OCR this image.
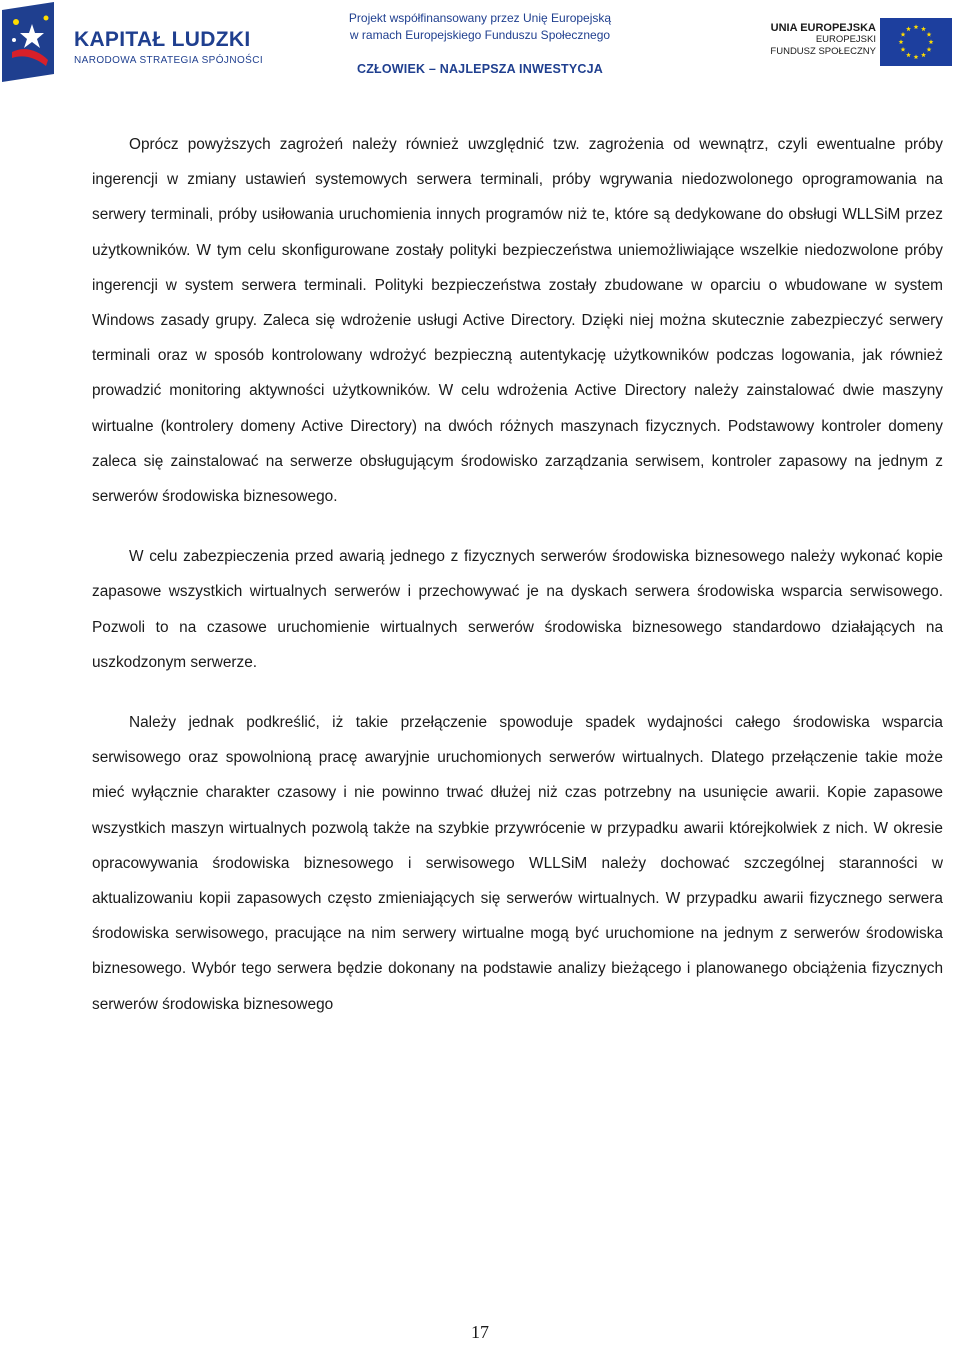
KAPITAŁ LUDZKI
NARODOWA STRATEGIA SPÓJNOŚCI
Projekt współfinansowany przez Unię Europejską
w ramach Europejskiego Funduszu Społecznego
CZŁOWIEK – NAJLEPSZA INWESTYCJA
UNIA EUROPEJSKA
EUROPEJSKI
FUNDUSZ SPOŁECZNY

Oprócz powyższych zagrożeń należy również uwzględnić tzw. zagrożenia od wewnątrz, czyli ewentualne próby ingerencji w zmiany ustawień systemowych serwera terminali, próby wgrywania niedozwolonego oprogramowania na serwery terminali, próby usiłowania uruchomienia innych programów niż te, które są dedykowane do obsługi WLLSiM przez użytkowników. W tym celu skonfigurowane zostały polityki bezpieczeństwa uniemożliwiające wszelkie niedozwolone próby ingerencji w system serwera terminali. Polityki bezpieczeństwa zostały zbudowane w oparciu o wbudowane w system Windows zasady grupy. Zaleca się wdrożenie usługi Active Directory. Dzięki niej można skutecznie zabezpieczyć serwery terminali oraz w sposób kontrolowany wdrożyć bezpieczną autentykację użytkowników podczas logowania, jak również prowadzić monitoring aktywności użytkowników. W celu wdrożenia Active Directory należy zainstalować dwie maszyny wirtualne (kontrolery domeny Active Directory) na dwóch różnych maszynach fizycznych. Podstawowy kontroler domeny zaleca się zainstalować na serwerze obsługującym środowisko zarządzania serwisem, kontroler zapasowy na jednym z serwerów środowiska biznesowego.

W celu zabezpieczenia przed awarią jednego z fizycznych serwerów środowiska biznesowego należy wykonać kopie zapasowe wszystkich wirtualnych serwerów i przechowywać je na dyskach serwera środowiska wsparcia serwisowego. Pozwoli to na czasowe uruchomienie wirtualnych serwerów środowiska biznesowego standardowo działających na uszkodzonym serwerze.

Należy jednak podkreślić, iż takie przełączenie spowoduje spadek wydajności całego środowiska wsparcia serwisowego oraz spowolnioną pracę awaryjnie uruchomionych serwerów wirtualnych. Dlatego przełączenie takie może mieć wyłącznie charakter czasowy i nie powinno trwać dłużej niż czas potrzebny na usunięcie awarii. Kopie zapasowe wszystkich maszyn wirtualnych pozwolą także na szybkie przywrócenie w przypadku awarii którejkolwiek z nich. W okresie opracowywania środowiska biznesowego i serwisowego WLLSiM należy dochować szczególnej staranności w aktualizowaniu kopii zapasowych często zmieniających się serwerów wirtualnych. W przypadku awarii fizycznego serwera środowiska serwisowego, pracujące na nim serwery wirtualne mogą być uruchomione na jednym z serwerów środowiska biznesowego. Wybór tego serwera będzie dokonany na podstawie analizy bieżącego i planowanego obciążenia fizycznych serwerów środowiska biznesowego

17
